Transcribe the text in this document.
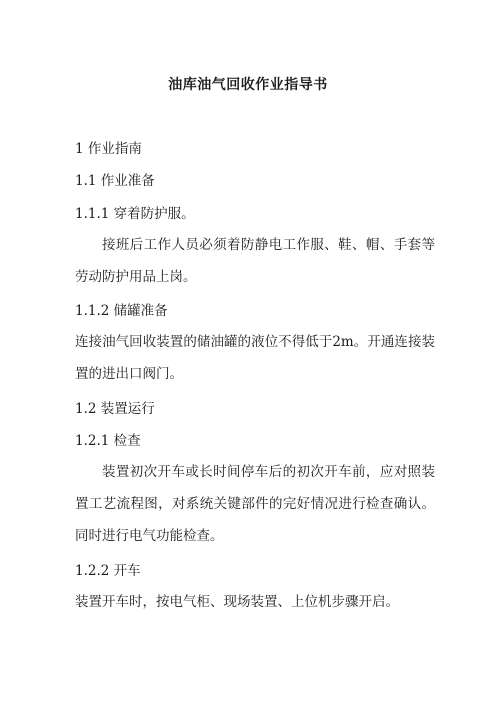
油库油气回收作业指导书
1 作业指南
1.1 作业准备
1.1.1 穿着防护服。
接班后工作人员必须着防静电工作服、鞋、帽、手套等劳动防护用品上岗。
1.1.2 储罐准备
连接油气回收装置的储油罐的液位不得低于2m。开通连接装置的进出口阀门。
1.2 装置运行
1.2.1 检查
装置初次开车或长时间停车后的初次开车前，应对照装置工艺流程图，对系统关键部件的完好情况进行检查确认。同时进行电气功能检查。
1.2.2 开车
装置开车时，按电气柜、现场装置、上位机步骤开启。
